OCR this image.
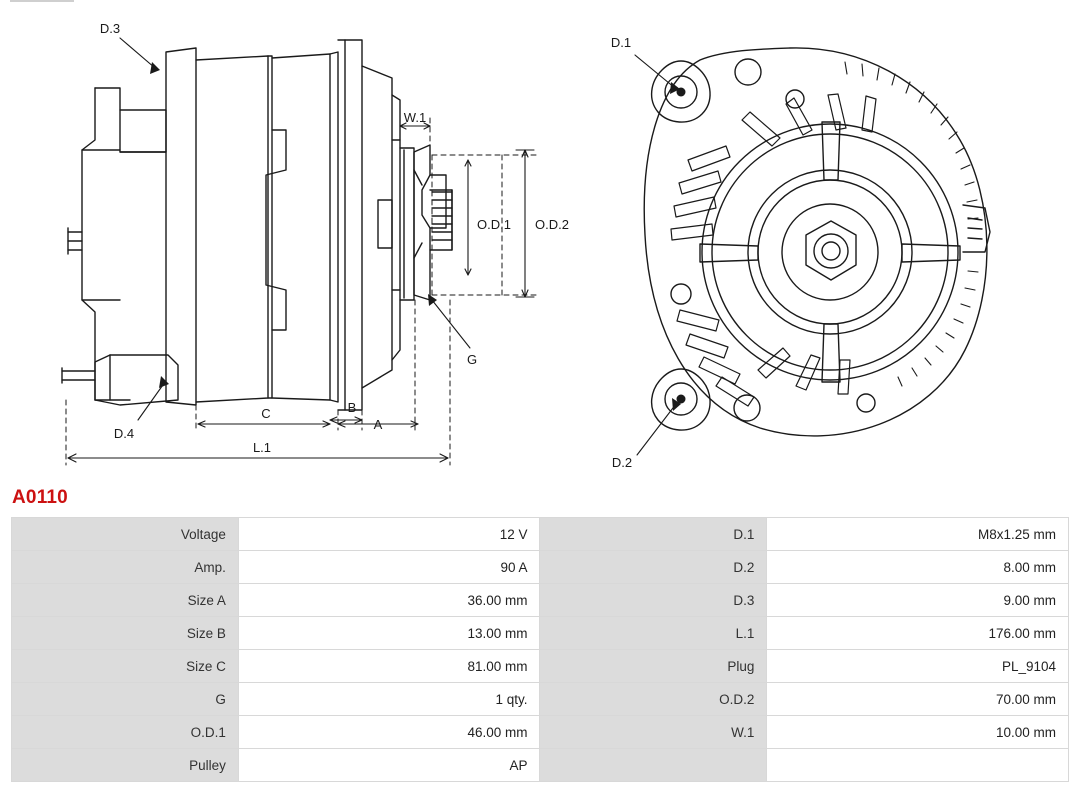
D.3
D.4
W.1
O.D.1 O.D.2
G
B
A
C
L.1
D.1
D.2
A0110
Voltage	12 V	D.1	M8x1.25 mm
Amp.	90 A	D.2	8.00 mm
Size A	36.00 mm	D.3	9.00 mm
Size B	13.00 mm	L.1	176.00 mm
Size C	81.00 mm	Plug	PL_9104
G	1 qty.	O.D.2	70.00 mm
O.D.1	46.00 mm	W.1	10.00 mm
Pulley	AP		
